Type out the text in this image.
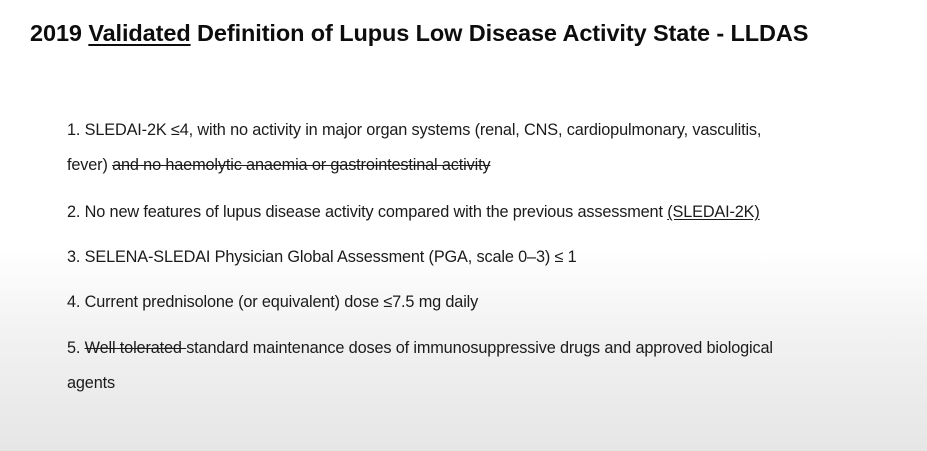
2019 Validated Definition of Lupus Low Disease Activity State - LLDAS
1. SLEDAI-2K ≤4, with no activity in major organ systems (renal, CNS, cardiopulmonary, vasculitis,
fever) and no haemolytic anaemia or gastrointestinal activity
2. No new features of lupus disease activity compared with the previous assessment (SLEDAI-2K)
3. SELENA-SLEDAI Physician Global Assessment (PGA, scale 0–3) ≤ 1
4. Current prednisolone (or equivalent) dose ≤7.5 mg daily
5. Well tolerated standard maintenance doses of immunosuppressive drugs and approved biological
agents
